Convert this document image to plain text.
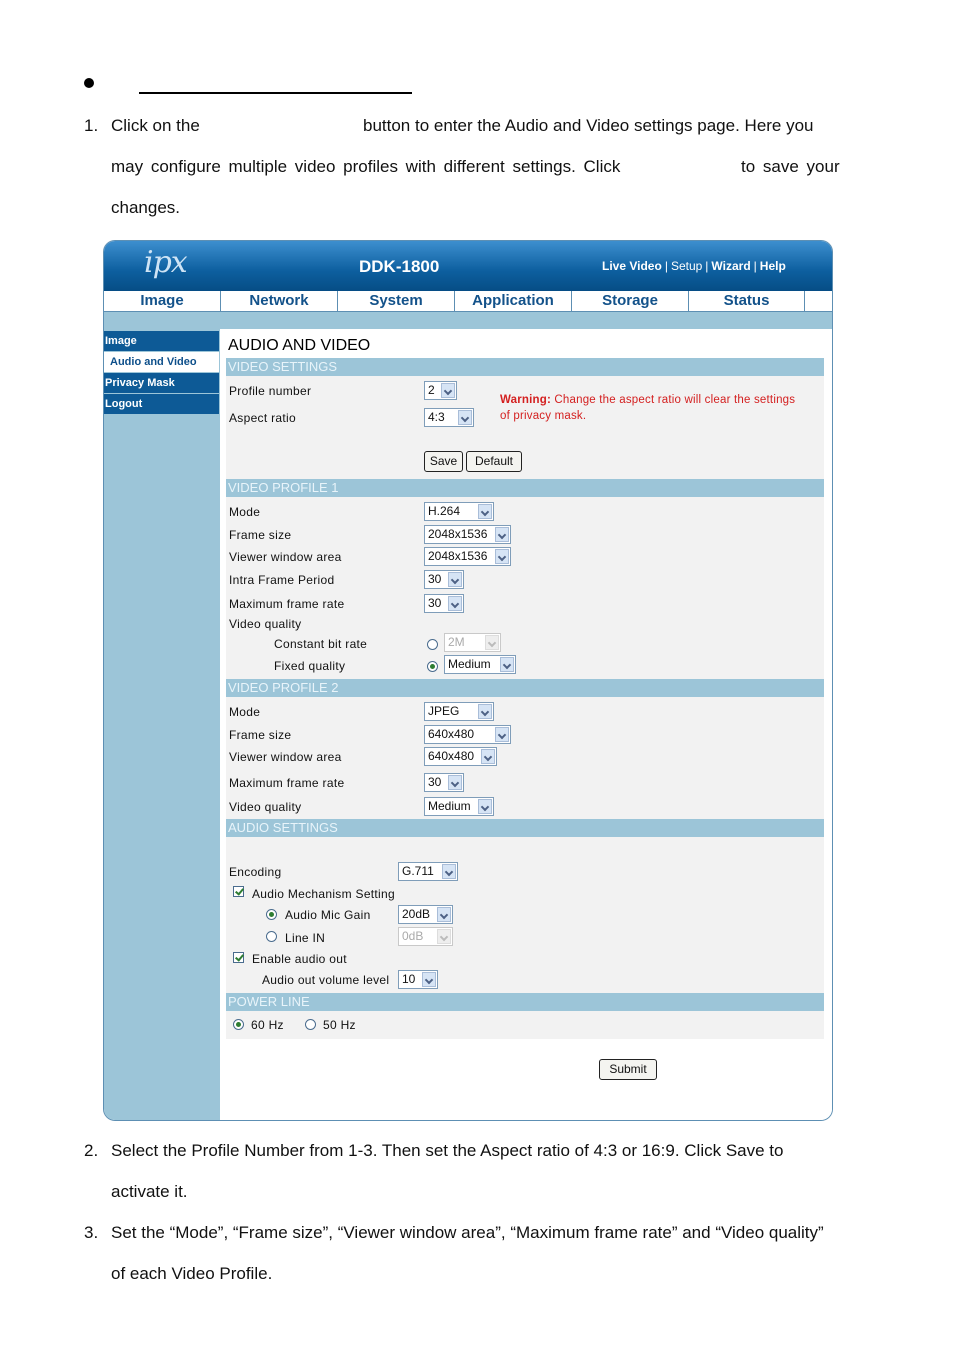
1. Click on the	button to enter the Audio and Video settings page. Here you
may configure multiple video profiles with different settings. Click	to save your
changes.
ipx	DDK-1800	Live Video | Setup | Wizard | Help
Image	Network	System	Application	Storage	Status
Image
Audio and Video
Privacy Mask
Logout
AUDIO AND VIDEO
VIDEO SETTINGS
Profile number	2
Aspect ratio	4:3
Warning: Change the aspect ratio will clear the settings
of privacy mask.
Save	Default
VIDEO PROFILE 1
Mode	H.264
Frame size	2048x1536
Viewer window area	2048x1536
Intra Frame Period	30
Maximum frame rate	30
Video quality
Constant bit rate	2M
Fixed quality	Medium
VIDEO PROFILE 2
Mode	JPEG
Frame size	640x480
Viewer window area	640x480
Maximum frame rate	30
Video quality	Medium
AUDIO SETTINGS
Encoding	G.711
Audio Mechanism Setting
Audio Mic Gain	20dB
Line IN	0dB
Enable audio out
Audio out volume level	10
POWER LINE
60 Hz	50 Hz
Submit
2. Select the Profile Number from 1-3. Then set the Aspect ratio of 4:3 or 16:9. Click Save to
activate it.
3. Set the “Mode”, “Frame size”, “Viewer window area”, “Maximum frame rate” and “Video quality”
of each Video Profile.
